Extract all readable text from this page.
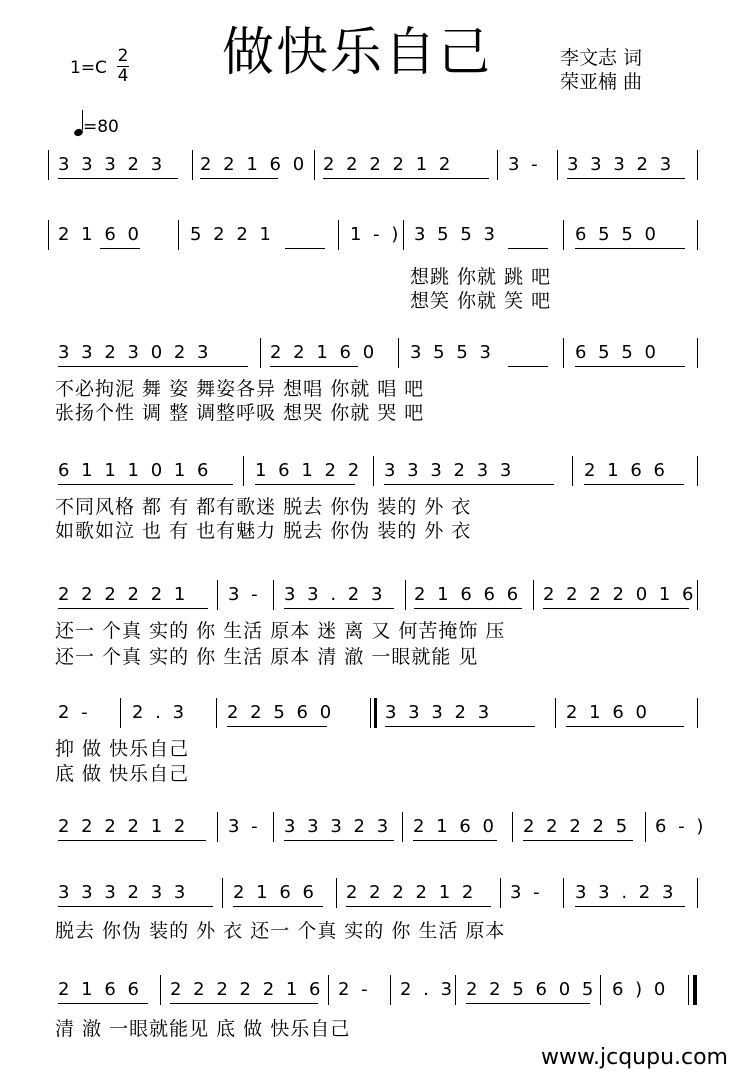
做快乐自己
1=C
2
4
李文志 词
荣亚楠 曲
=80
3 3 3 2 3 2 2 1 6 0 2 2 2 2 1 2	3 - 3 3 3 2 3
2 1 6 0	5 2 2 1	1 - ) 3 5 5 3	6 5 5 0
想跳 你就 跳 吧
想笑 你就 笑 吧
3 3 2 3 0 2 3	2 2 1 6 0 3 5 5 3	6 5 5 0
不必拘泥 舞 姿 舞姿各异 想唱 你就 唱 吧
张扬个性 调 整 调整呼吸 想哭 你就 哭 吧
6 1 1 1 0 1 6 1 6 1 2 2 3 3 3 2 3 3	2 1 6 6
不同风格 都 有 都有歌迷 脱去 你伪 装的 外 衣
如歌如泣 也 有 也有魅力 脱去 你伪 装的 外 衣
2 2 2 2 2 1 3 - 3 3 . 2 3 2 1 6 6 6 2 2 2 2 0 1 6
还一 个真 实的 你 生活 原本 迷 离 又 何苦掩饰 压
还一 个真 实的 你 生活 原本 清 澈 一眼就能 见
2 - 2 . 3 2 2 5 6 0	3 3 3 2 3	2 1 6 0
抑 做 快乐自己
底 做 快乐自己
2 2 2 2 1 2 3 - 3 3 3 2 3 2 1 6 0 2 2 2 2 5 6 - )
3 3 3 2 3 3 2 1 6 6 2 2 2 2 1 2 3 - 3 3 . 2 3
脱去 你伪 装的 外 衣 还一 个真 实的 你 生活 原本
2 1 6 6 2 2 2 2 2 1 6 2 - 2 . 3 2 2 5 6 0 5 6 ) 0
清 澈 一眼就能见 底 做 快乐自己
www.jcqupu.com
